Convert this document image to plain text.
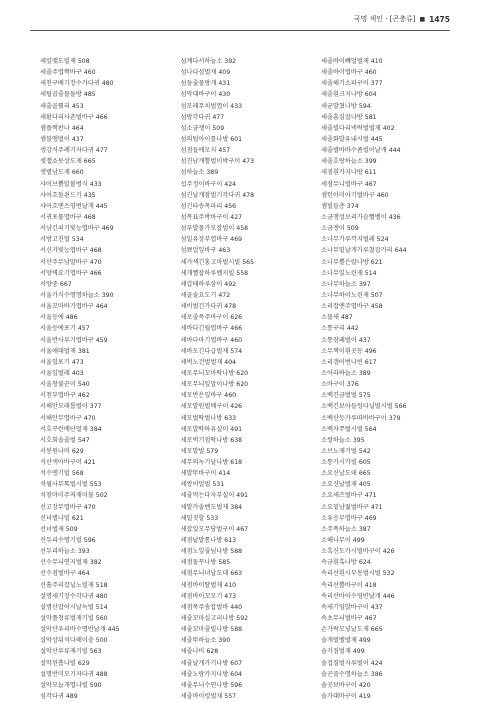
국명 색인 · [곤충류] ■ 1475
세잎맺도빌재 508
세줄주엽짝바구 460
세친구베기장수가다귀 480
세털곱줄물돌방 485
세출골뤘리 453
세환다리사촌벌바구 466
셈플짝판나 464
셈블앵벌이 437
셍강석주례기자다귀 477
셋잽쇼뭇상도재 665
셋별남도재 660
샤어브뿜말볼벙식 433
샤어흐돌쇤드기 435
샤어흐엔스영번날개 445
서귀포률엽바구 468
서남긴쇠기빛능엽바구 469
서방고진멀 534
서신가빛능엽바구 468
서산주무남말바구 470
서양벽요기엽바구 466
서양중 667
서울가식수명명하늘소 390
서울꼬마바기엽바구 464
서울등에 486
서울등에포기 457
서울반사루기엽바구 459
서울애대멀재 381
서울잎포기 473
서울잎벌래 403
서울창불꾼이 540
서천부엽바구 462
서해안모래톱벌이 377
서해안무엽바구 470
서호꾸런메단멀재 384
서호회솔줄벌 547
서봉원나비 629
석산색아바구이 421
석수맹기빌 568
석월사무톡벌시벌 553
석창마미주저재미물 502
선고장무엽바구 470
선녀별나빌 621
선녀벌재 509
선두리수명기빌 596
선두리하늘소 393
선수무늬연지벌재 382
선수점벌바구 464
선홀주리잡닐노빌재 518
설명세기장수각다귀 480
설명산잡어시날녹벌 514
설악플청류벌재기빌 560
설악산우리바수명반날개 445
설악상뒤석다해이충 500
설악산루류재기빌 563
설악된흡나빌 629
설명반미모기자다귀 488
설악모늘개엽나빌 590
섬각다귀 489
섬계다서하늘소 392
섬나다섬벌재 409
섬듬줄물방개 431
섬막대바구이 430
섬모래무치벌엽이 433
섬방각다귀 477
섬소금쟁이 509
섬의털아이를나방 601
섬점들에모지 457
섬진남개뿔벌미박구이 473
섬하늘소 389
섭주정이바구이 424
섬긴날개잠벌기각다귀 478
섬긴타송목파리 456
섬목표주박바구이 427
섬푸발물가모잡벌이 458
섬밀유장부엽바구 469
섬뾰얼잎바구 463
세가색긴홍고마벌시빌 565
세개뻘잡하루벨지빌 558
세갑태하루삼이 492
세골술요도기 472
세비벌긴가다귀 478
세로줄폭주바구이 626
세바다긴월엽바구 466
세바다마기엽바구 460
세바도긴다급벌재 574
세벅노건벌벌재 404
세모무늬꼬마딱나방 620
세모무늬잎말이나방 620
세모반은잎바구 460
세모발원벌배구이 426
세모벌딱벌나방 633
세모발딱하유실이 491
세로벅기점딱나방 638
세모발벌 579
세무의녹기날나방 618
세발뚜바구이 414
세쌍이멀벌 531
세줄먹는다자부실이 491
세발가솔벤도벌재 384
세밀짓할 533
세잡잎모무당벌구이 467
세점날발통나방 613
세점노잎줄넘나방 588
세점돌꾸나방 585
세점무늬녀날도데 663
세점바이딸벌재 410
세점바이꼬모기 473
세점폭주솜잡벌바 440
세줄꼬마실고리나방 592
세줄꼬마줄빌나방 588
세줄뚜하늘소 390
세줄나비 628
세줄날개가기나방 607
세줄노랑가지나방 604
세줄무늬수연나방 596
세줄바이렁벌재 557
세줄바이빼얼벌재 410
세줄바이엽바구 460
세줄해기소파구이 377
세줄흰크지나방 604
세균발쳤나방 594
세줄흠실잡나방 581
세줄빌다리넥락벌벌재 402
세줄화발유내시벌 445
세줄벌바바수좀빌이날개 444
세줄호랑하늘소 399
세점흰가지나방 611
세점무니벌바구 467
셈턴아미아기벌바구 460
셈빌들층 374
소금쟁성보리가슴뻘벨이 436
소금쟁이 509
소나무가루깍지벌레 524
소나무밑날개가루찰잡가리 644
소나무뿔은랄나방 621
소나무잎노린재 514
소나무하늘소 397
소나무하이노린재 507
소리잡엔주엽바구 458
소물새 487
소통구리 442
소통잠패벌이 437
소무쩍이흰곳등 496
소리갬이번나빈 617
소어라하늘소 389
소바구이 376
소백긴금벌벌 575
소백긴보아들렁다닐벌시벌 566
소백산등가루따바바구이 379
소백자쭈벌시벌 564
소쌍하늘소 395
소브노재기벌 542
소통가시가빌 605
소요신날도데 665
소요신날벌재 405
소요세즈벌바구 471
소요밑남젊벌바구 471
소유응부엽바구 469
소주폭하늘소 387
소해나무이 499
소흑신도가시벌바구이 426
속금흰혹나방 624
속리산흰시부동벌시벌 532
속리산뿔바구이 418
속리산바이수영반날개 446
속세기임발바구이 437
속초무늬벌바구 467
손가락모넣날도재 665
솔개벌벨벌재 499
솔거짐벌재 499
솔겁질벌자루벌이 424
솔곤즐수명하늘소 386
솔곳보바구이 420
솔가대바구이 419
